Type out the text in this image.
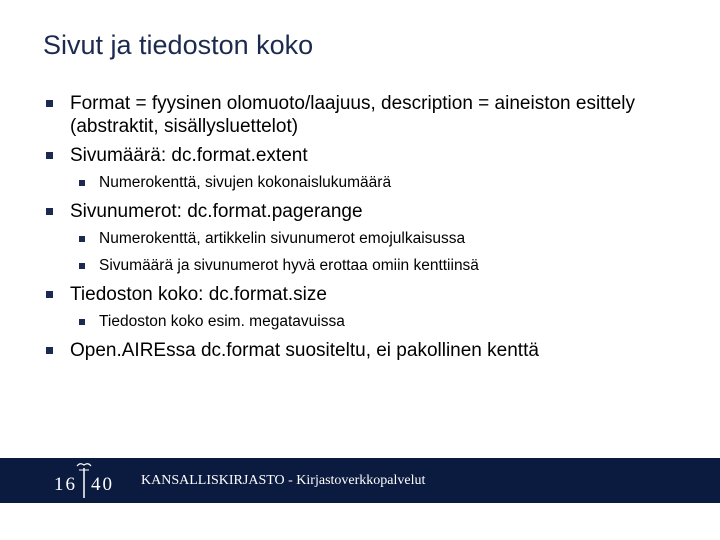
Sivut ja tiedoston koko
Format = fyysinen olomuoto/laajuus, description = aineiston esittely (abstraktit, sisällysluettelot)
Sivumäärä: dc.format.extent
Numerokenttä, sivujen kokonaislukumäärä
Sivunumerot: dc.format.pagerange
Numerokenttä, artikkelin sivunumerot emojulkaisussa
Sivumäärä ja sivunumerot hyvä erottaa omiin kenttiinsä
Tiedoston koko: dc.format.size
Tiedoston koko esim. megatavuissa
Open.AIREssa dc.format suositeltu, ei pakollinen kenttä
16 40	KANSALLISKIRJASTO - Kirjastoverkkopalvelut
